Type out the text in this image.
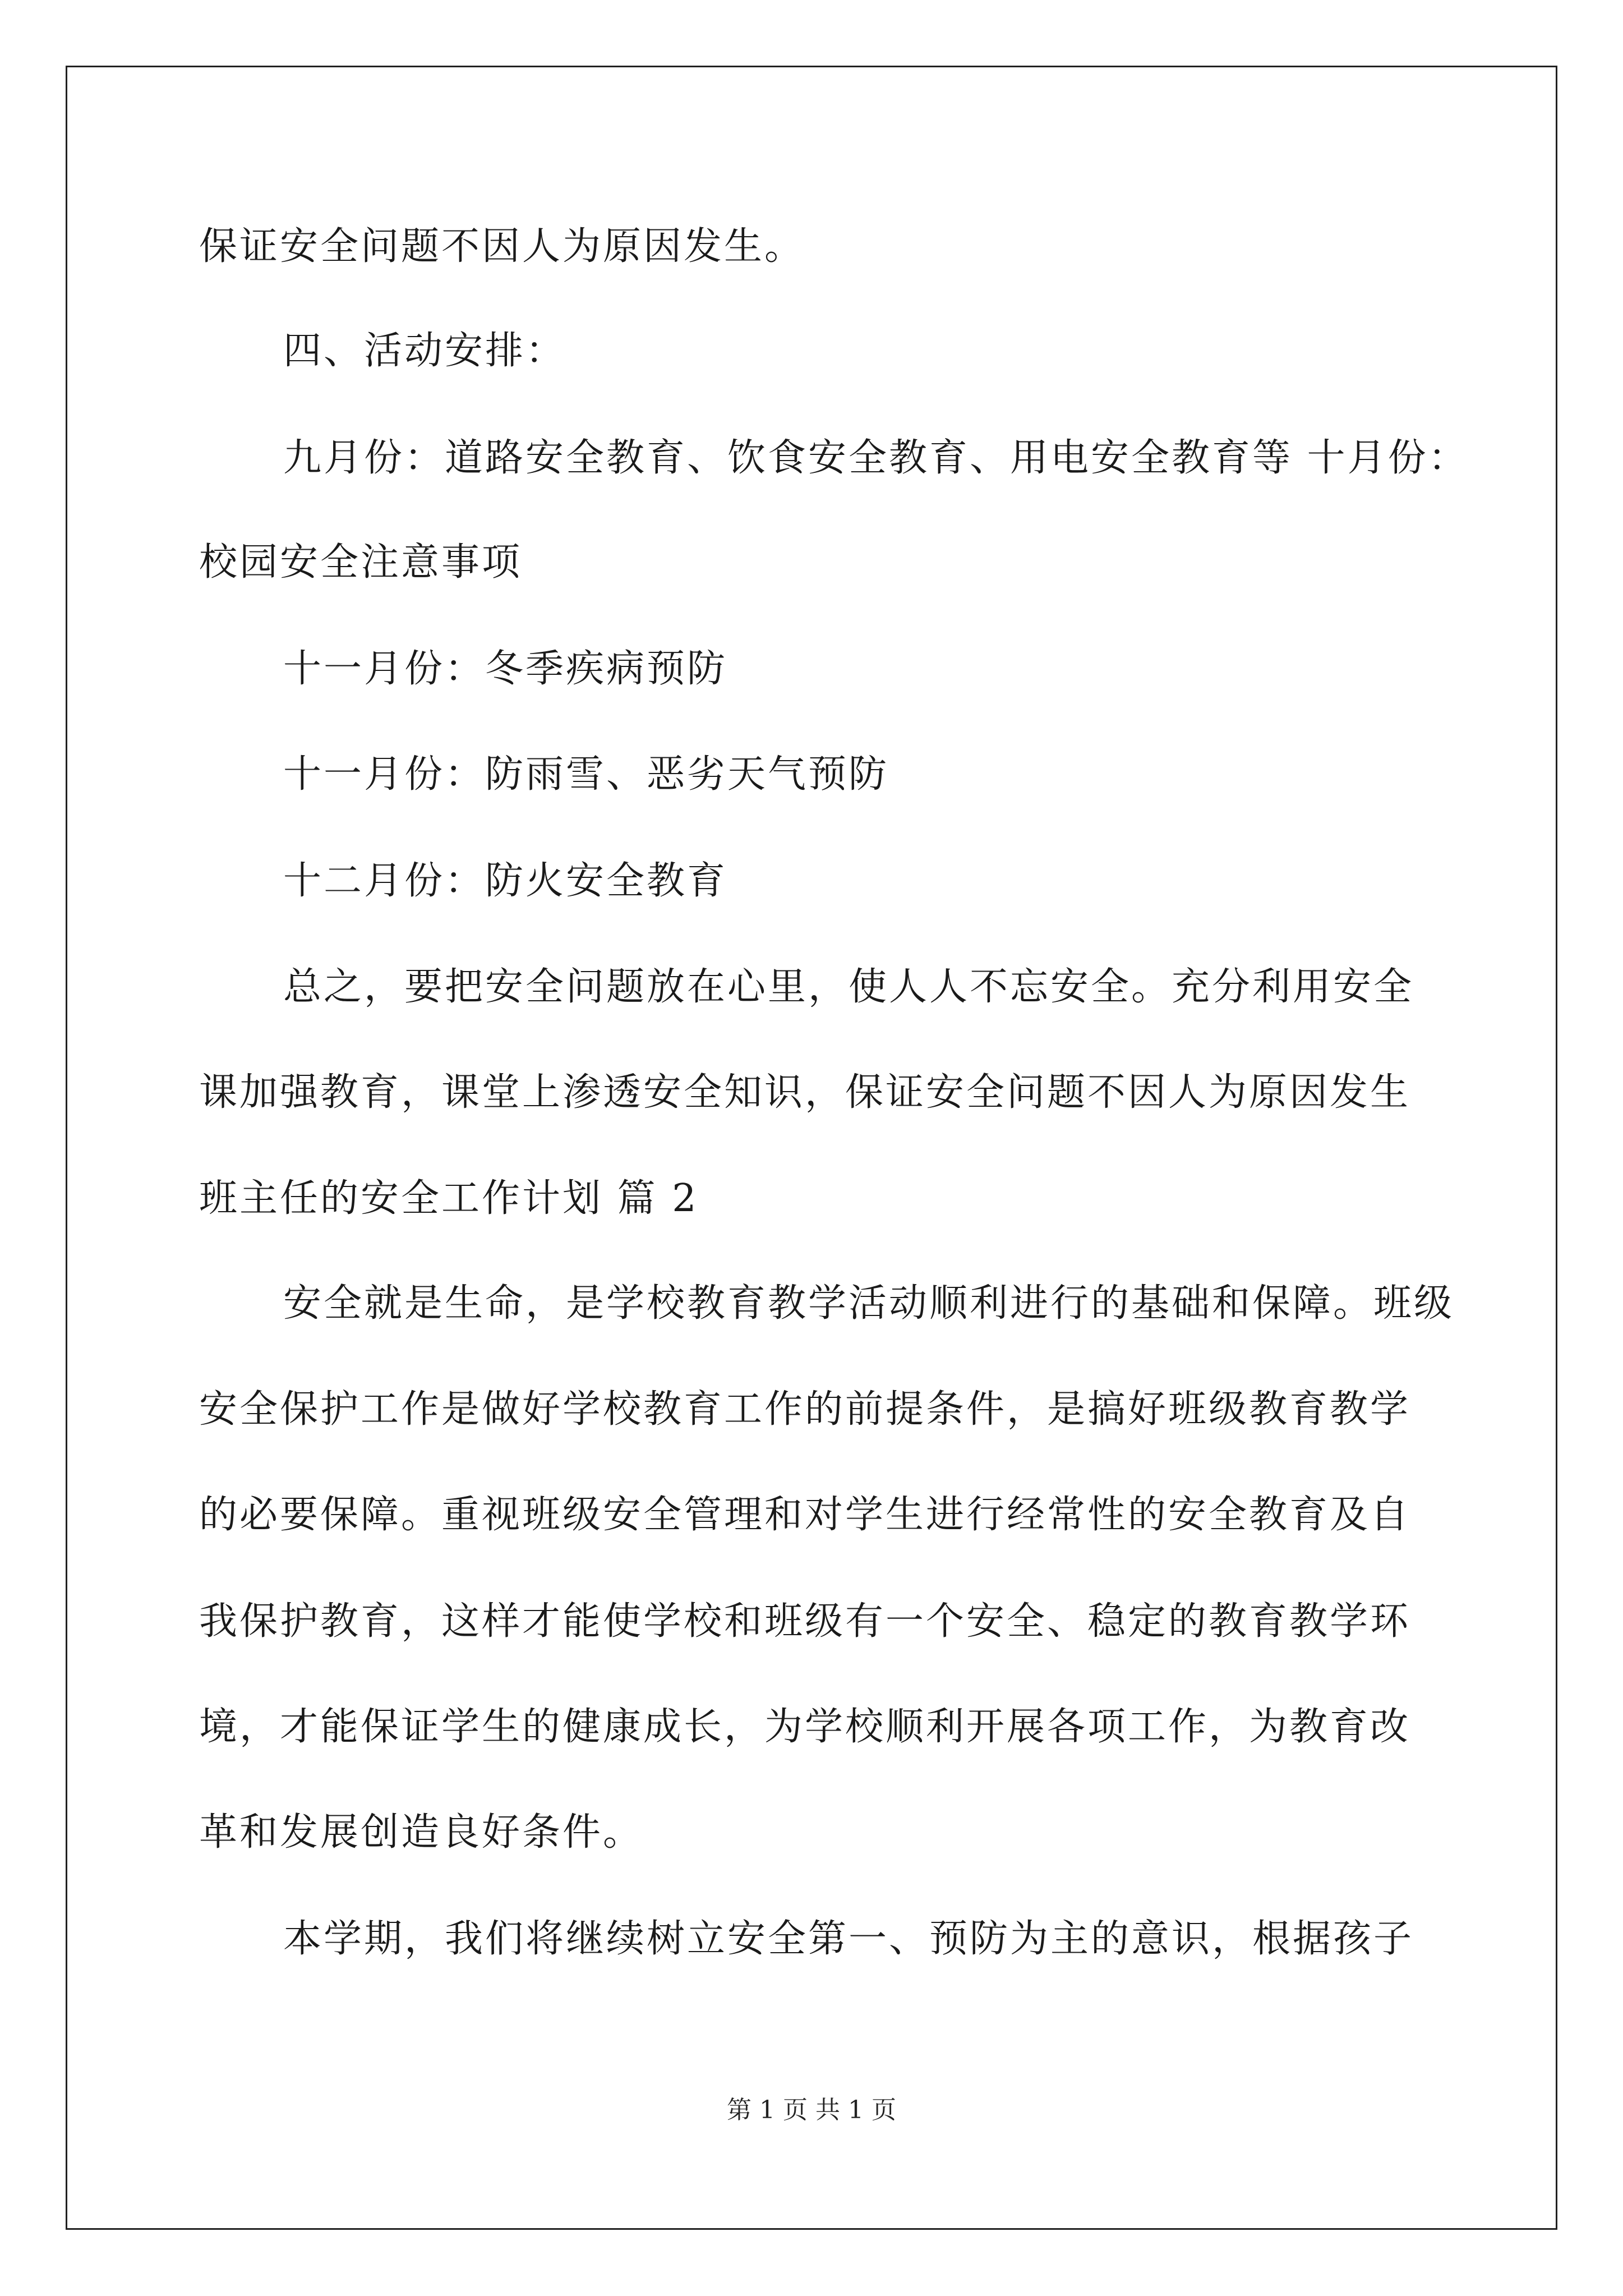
保证安全问题不因人为原因发生。
四、活动安排：
九月份：道路安全教育、饮食安全教育、用电安全教育等 十月份：
校园安全注意事项
十一月份：冬季疾病预防
十一月份：防雨雪、恶劣天气预防
十二月份：防火安全教育
总之，要把安全问题放在心里，使人人不忘安全。充分利用安全
课加强教育，课堂上渗透安全知识，保证安全问题不因人为原因发生
班主任的安全工作计划 篇 2
安全就是生命，是学校教育教学活动顺利进行的基础和保障。班级
安全保护工作是做好学校教育工作的前提条件，是搞好班级教育教学
的必要保障。重视班级安全管理和对学生进行经常性的安全教育及自
我保护教育，这样才能使学校和班级有一个安全、稳定的教育教学环
境，才能保证学生的健康成长，为学校顺利开展各项工作，为教育改
革和发展创造良好条件。
本学期，我们将继续树立安全第一、预防为主的意识，根据孩子
第 1 页 共 1 页
